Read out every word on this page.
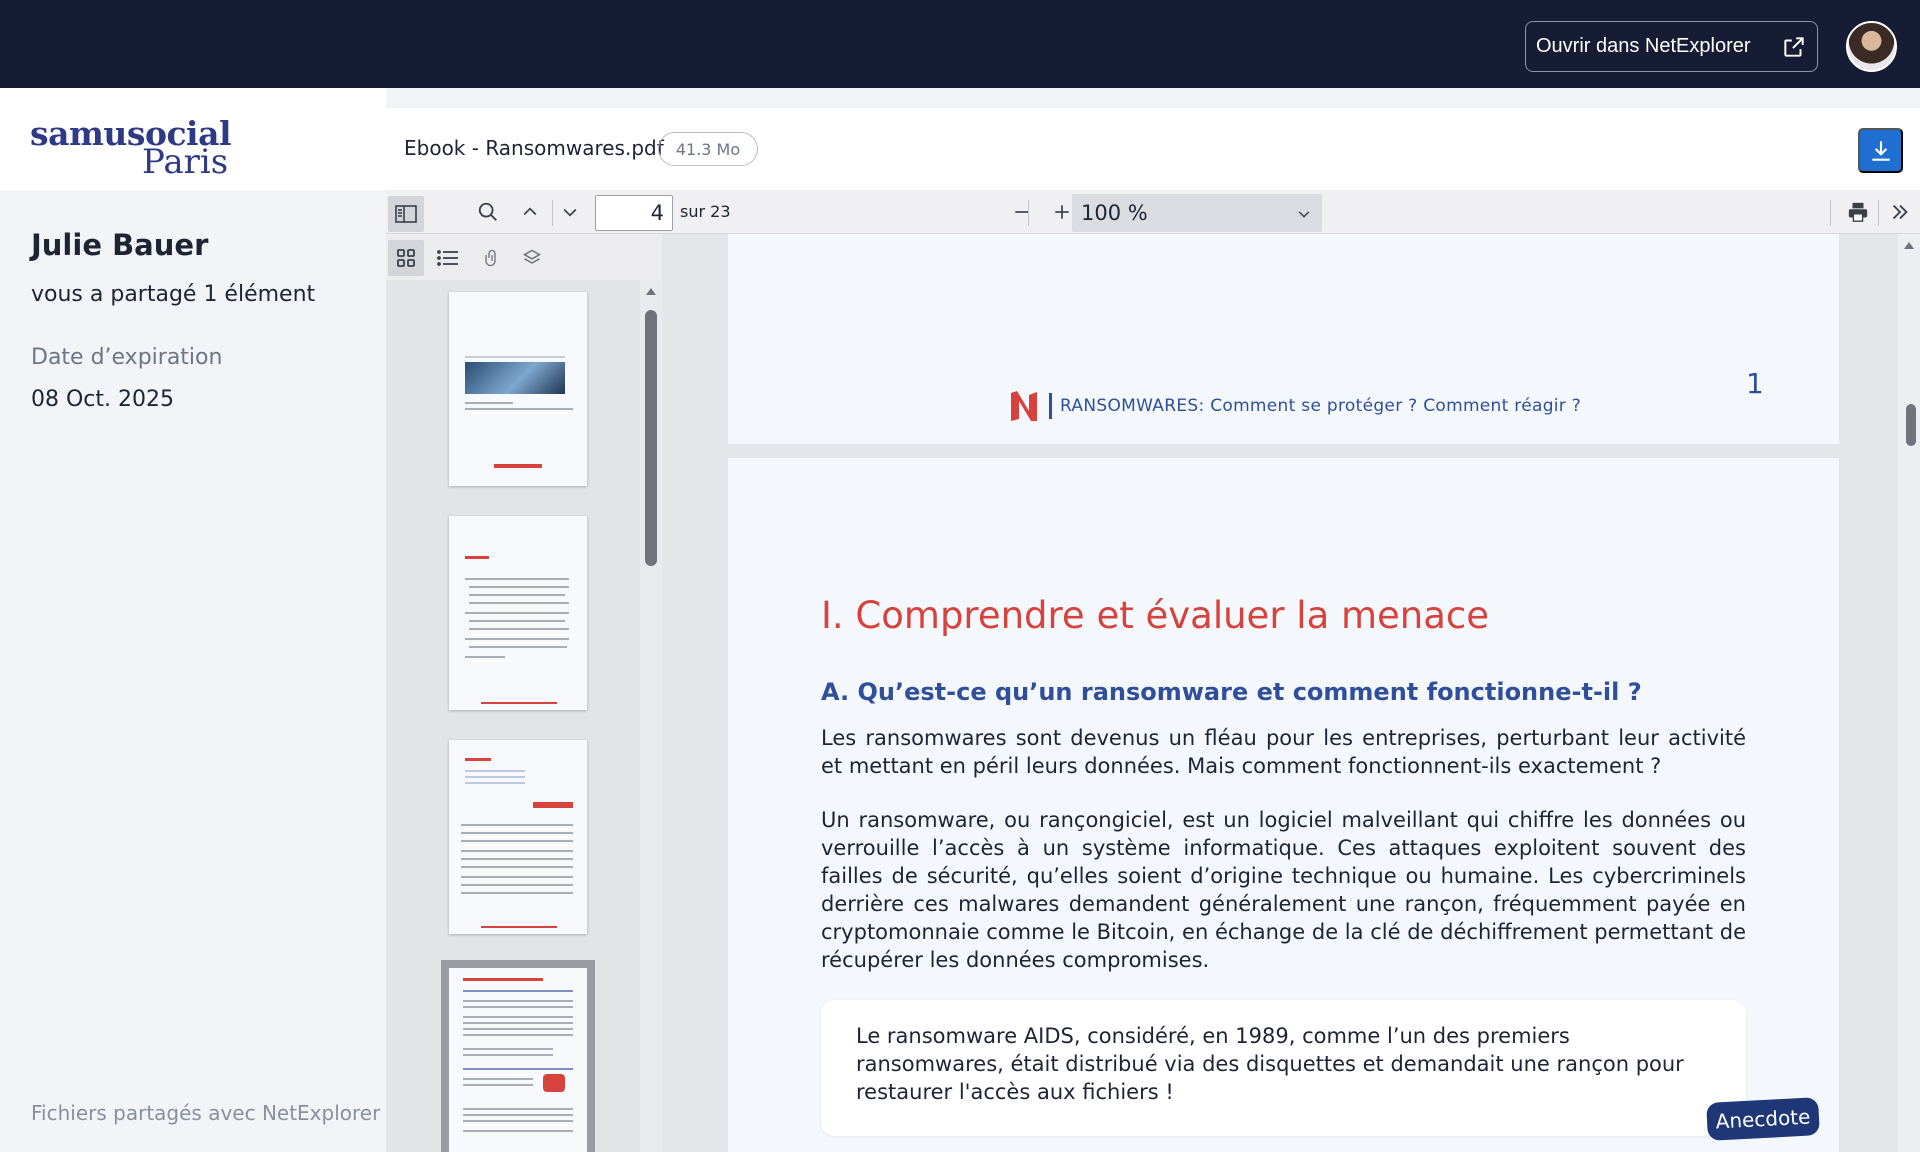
Ouvrir dans NetExplorer
samusocial
Paris
Julie Bauer
vous a partagé 1 élément
Date d’expiration
08 Oct. 2025
Fichiers partagés avec NetExplorer
Ebook - Ransomwares.pdf 41.3 Mo
4	sur 23	100 %
RANSOMWARES: Comment se protéger ? Comment réagir ?
1
I. Comprendre et évaluer la menace
A. Qu’est-ce qu’un ransomware et comment fonctionne-t-il ?
Les ransomwares sont devenus un fléau pour les entreprises, perturbant leur activité et mettant en péril leurs données. Mais comment fonctionnent-ils exactement ?
Un ransomware, ou rançongiciel, est un logiciel malveillant qui chiffre les données ou verrouille l’accès à un système informatique. Ces attaques exploitent souvent des failles de sécurité, qu’elles soient d’origine technique ou humaine. Les cybercriminels derrière ces malwares demandent généralement une rançon, fréquemment payée en cryptomonnaie comme le Bitcoin, en échange de la clé de déchiffrement permettant de récupérer les données compromises.
Le ransomware AIDS, considéré, en 1989, comme l’un des premiers ransomwares, était distribué via des disquettes et demandait une rançon pour restaurer l'accès aux fichiers !
Anecdote
